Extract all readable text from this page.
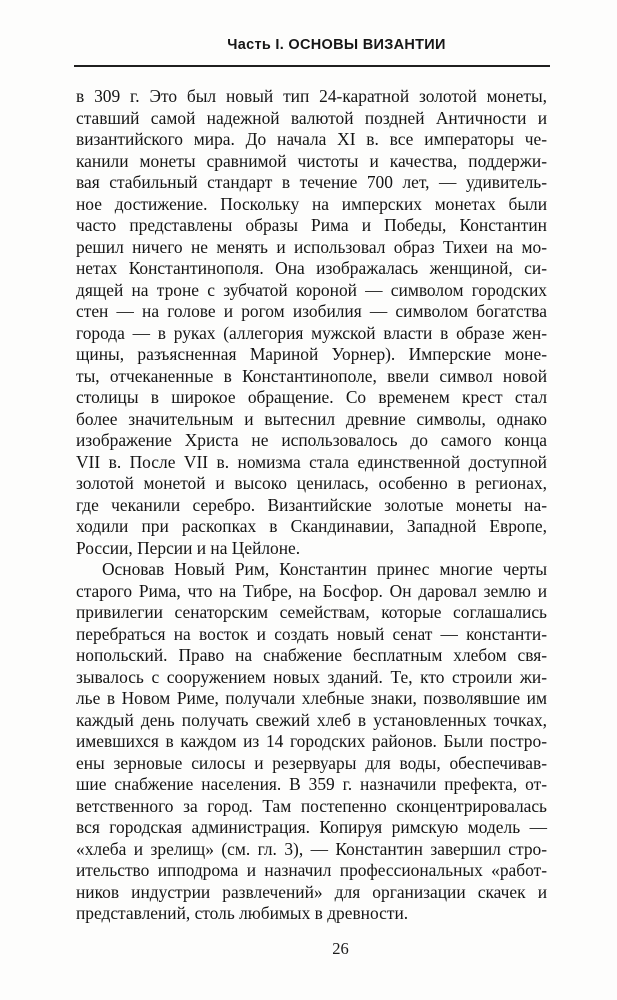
Часть I. ОСНОВЫ ВИЗАНТИИ
в 309 г. Это был новый тип 24-каратной золотой монеты,
ставший самой надежной валютой поздней Античности и
византийского мира. До начала XI в. все императоры че-
канили монеты сравнимой чистоты и качества, поддержи-
вая стабильный стандарт в течение 700 лет, — удивитель-
ное достижение. Поскольку на имперских монетах были
часто представлены образы Рима и Победы, Константин
решил ничего не менять и использовал образ Тихеи на мо-
нетах Константинополя. Она изображалась женщиной, си-
дящей на троне с зубчатой короной — символом городских
стен — на голове и рогом изобилия — символом богатства
города — в руках (аллегория мужской власти в образе жен-
щины, разъясненная Мариной Уорнер). Имперские моне-
ты, отчеканенные в Константинополе, ввели символ новой
столицы в широкое обращение. Со временем крест стал
более значительным и вытеснил древние символы, однако
изображение Христа не использовалось до самого конца
VII в. После VII в. номизма стала единственной доступной
золотой монетой и высоко ценилась, особенно в регионах,
где чеканили серебро. Византийские золотые монеты на-
ходили при раскопках в Скандинавии, Западной Европе,
России, Персии и на Цейлоне.
Основав Новый Рим, Константин принес многие черты
старого Рима, что на Тибре, на Босфор. Он даровал землю и
привилегии сенаторским семействам, которые соглашались
перебраться на восток и создать новый сенат — константи-
нопольский. Право на снабжение бесплатным хлебом свя-
зывалось с сооружением новых зданий. Те, кто строили жи-
лье в Новом Риме, получали хлебные знаки, позволявшие им
каждый день получать свежий хлеб в установленных точках,
имевшихся в каждом из 14 городских районов. Были постро-
ены зерновые силосы и резервуары для воды, обеспечивав-
шие снабжение населения. В 359 г. назначили префекта, от-
ветственного за город. Там постепенно сконцентрировалась
вся городская администрация. Копируя римскую модель —
«хлеба и зрелищ» (см. гл. 3), — Константин завершил стро-
ительство ипподрома и назначил профессиональных «работ-
ников индустрии развлечений» для организации скачек и
представлений, столь любимых в древности.
26
